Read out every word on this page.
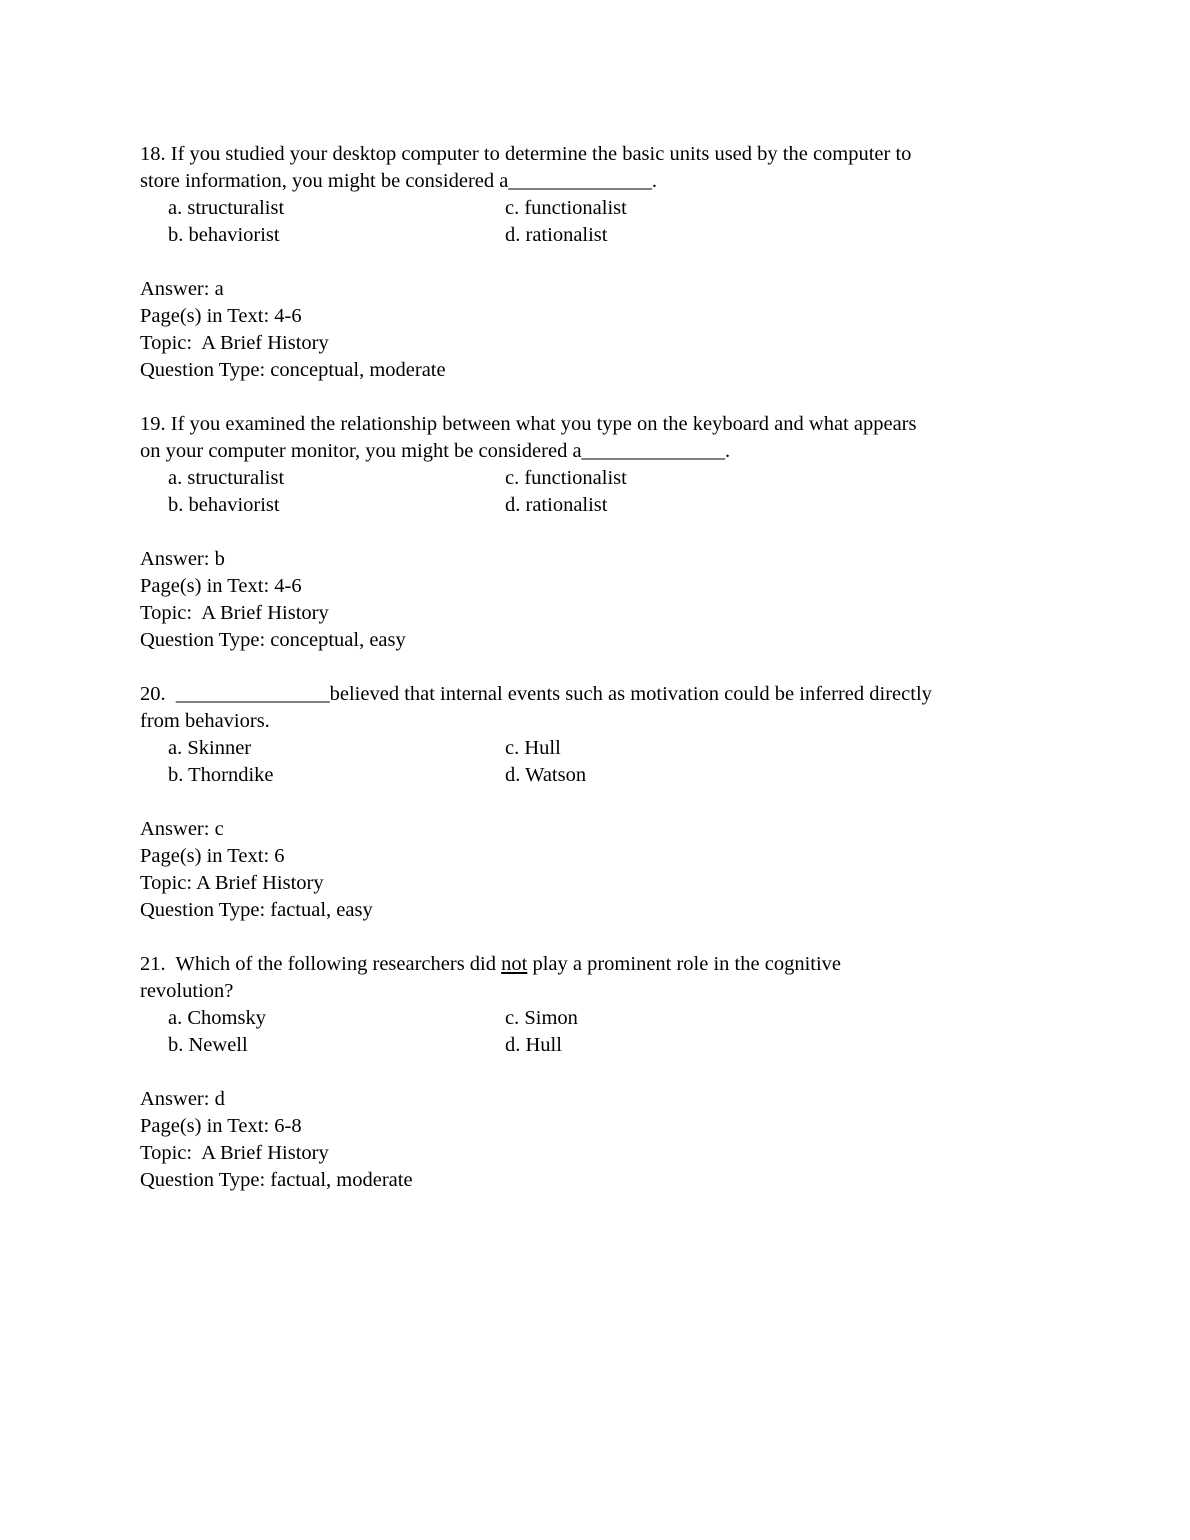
18. If you studied your desktop computer to determine the basic units used by the computer to

store information, you might be considered a______________.

a. structuralist	c. functionalist
b. behaviorist	d. rationalist

Answer: a

Page(s) in Text: 4-6

Topic:  A Brief History

Question Type: conceptual, moderate

19. If you examined the relationship between what you type on the keyboard and what appears

on your computer monitor, you might be considered a______________.

a. structuralist	c. functionalist
b. behaviorist	d. rationalist

Answer: b

Page(s) in Text: 4-6

Topic:  A Brief History

Question Type: conceptual, easy

20.  _______________believed that internal events such as motivation could be inferred directly

from behaviors.

a. Skinner	c. Hull
b. Thorndike	d. Watson

Answer: c

Page(s) in Text: 6

Topic: A Brief History

Question Type: factual, easy

21.  Which of the following researchers did not play a prominent role in the cognitive

revolution?

a. Chomsky	c. Simon
b. Newell	d. Hull

Answer: d

Page(s) in Text: 6-8

Topic:  A Brief History

Question Type: factual, moderate
